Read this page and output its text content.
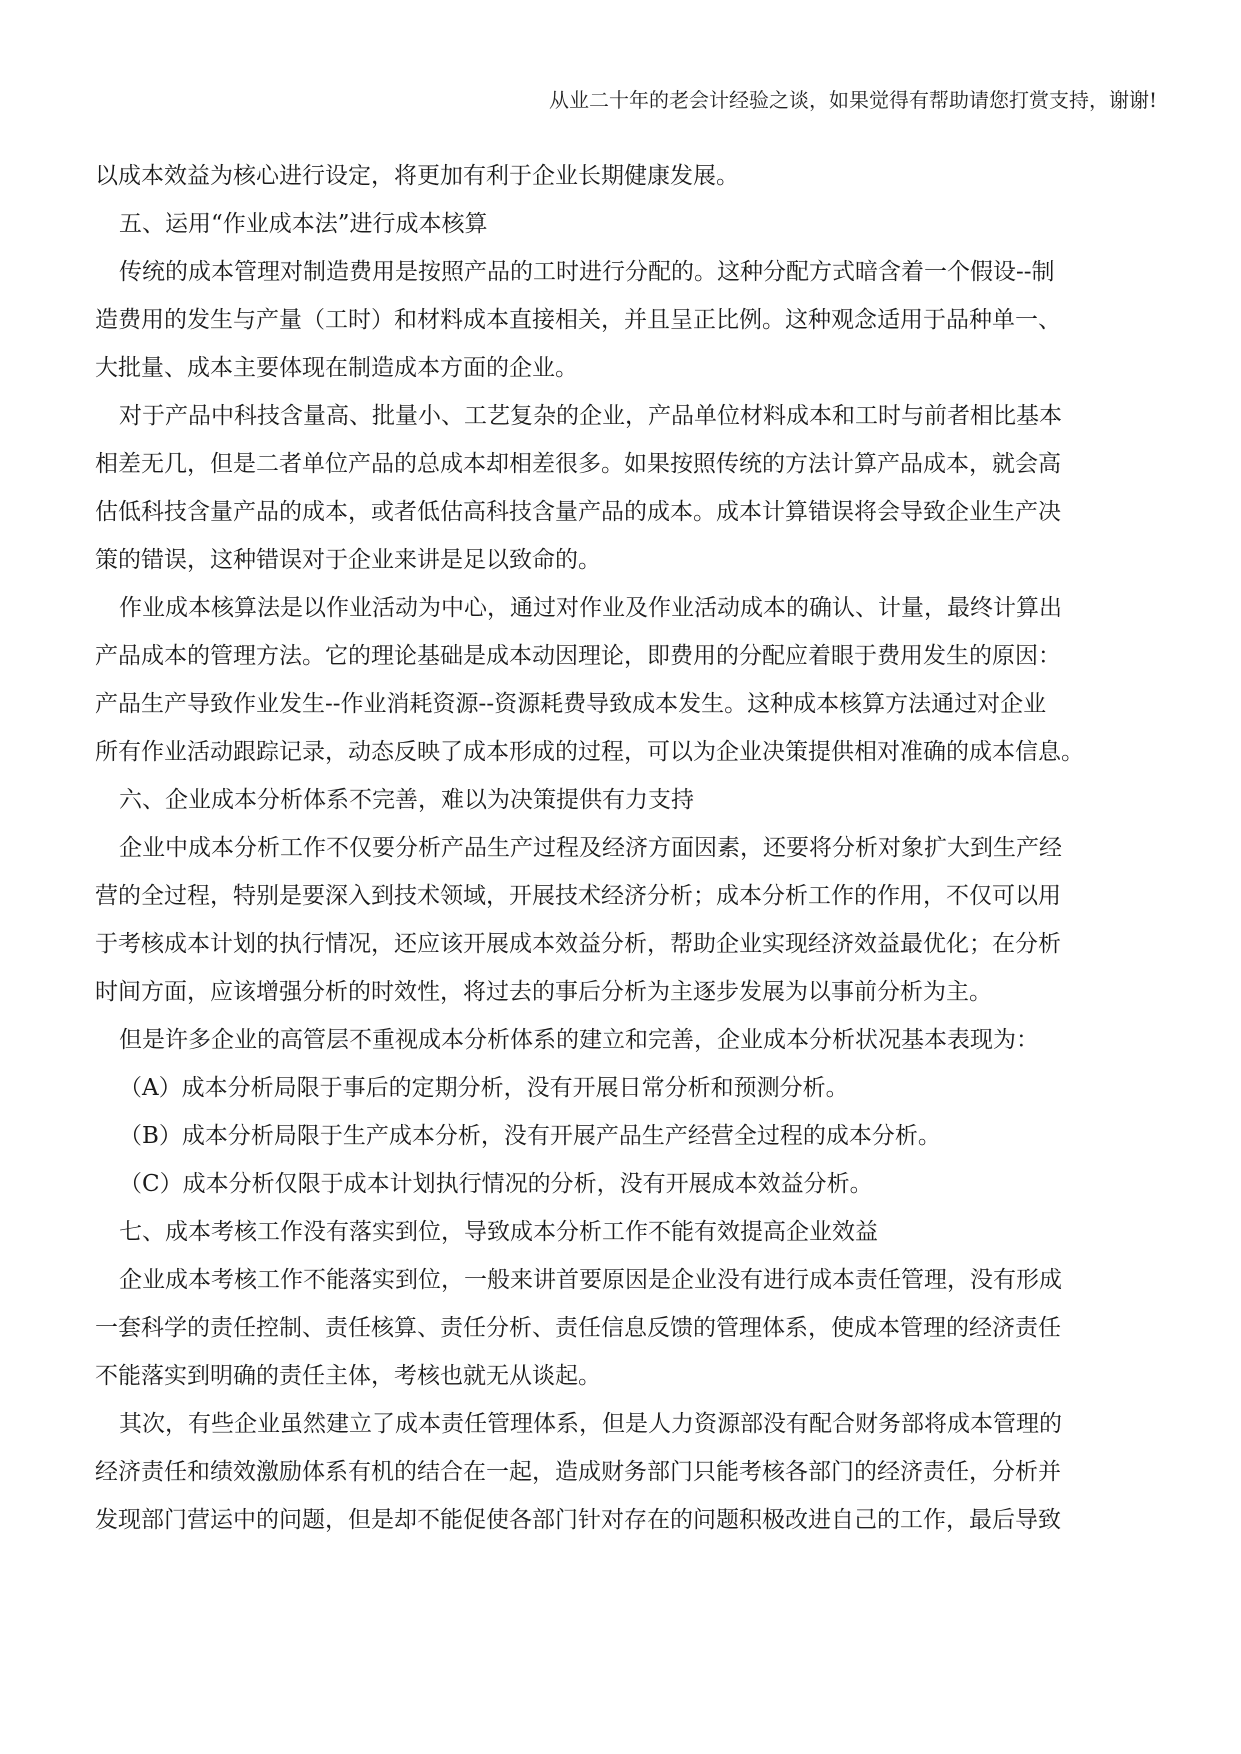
从业二十年的老会计经验之谈，如果觉得有帮助请您打赏支持，谢谢!
以成本效益为核心进行设定，将更加有利于企业长期健康发展。
五、运用“作业成本法”进行成本核算
传统的成本管理对制造费用是按照产品的工时进行分配的。这种分配方式暗含着一个假设--制
造费用的发生与产量（工时）和材料成本直接相关，并且呈正比例。这种观念适用于品种单一、
大批量、成本主要体现在制造成本方面的企业。
对于产品中科技含量高、批量小、工艺复杂的企业，产品单位材料成本和工时与前者相比基本
相差无几，但是二者单位产品的总成本却相差很多。如果按照传统的方法计算产品成本，就会高
估低科技含量产品的成本，或者低估高科技含量产品的成本。成本计算错误将会导致企业生产决
策的错误，这种错误对于企业来讲是足以致命的。
作业成本核算法是以作业活动为中心，通过对作业及作业活动成本的确认、计量，最终计算出
产品成本的管理方法。它的理论基础是成本动因理论，即费用的分配应着眼于费用发生的原因：
产品生产导致作业发生--作业消耗资源--资源耗费导致成本发生。这种成本核算方法通过对企业
所有作业活动跟踪记录，动态反映了成本形成的过程，可以为企业决策提供相对准确的成本信息。
六、企业成本分析体系不完善，难以为决策提供有力支持
企业中成本分析工作不仅要分析产品生产过程及经济方面因素，还要将分析对象扩大到生产经
营的全过程，特别是要深入到技术领域，开展技术经济分析；成本分析工作的作用，不仅可以用
于考核成本计划的执行情况，还应该开展成本效益分析，帮助企业实现经济效益最优化；在分析
时间方面，应该增强分析的时效性，将过去的事后分析为主逐步发展为以事前分析为主。
但是许多企业的高管层不重视成本分析体系的建立和完善，企业成本分析状况基本表现为：
（A）成本分析局限于事后的定期分析，没有开展日常分析和预测分析。
（B）成本分析局限于生产成本分析，没有开展产品生产经营全过程的成本分析。
（C）成本分析仅限于成本计划执行情况的分析，没有开展成本效益分析。
七、成本考核工作没有落实到位，导致成本分析工作不能有效提高企业效益
企业成本考核工作不能落实到位，一般来讲首要原因是企业没有进行成本责任管理，没有形成
一套科学的责任控制、责任核算、责任分析、责任信息反馈的管理体系，使成本管理的经济责任
不能落实到明确的责任主体，考核也就无从谈起。
其次，有些企业虽然建立了成本责任管理体系，但是人力资源部没有配合财务部将成本管理的
经济责任和绩效激励体系有机的结合在一起，造成财务部门只能考核各部门的经济责任，分析并
发现部门营运中的问题，但是却不能促使各部门针对存在的问题积极改进自己的工作，最后导致
